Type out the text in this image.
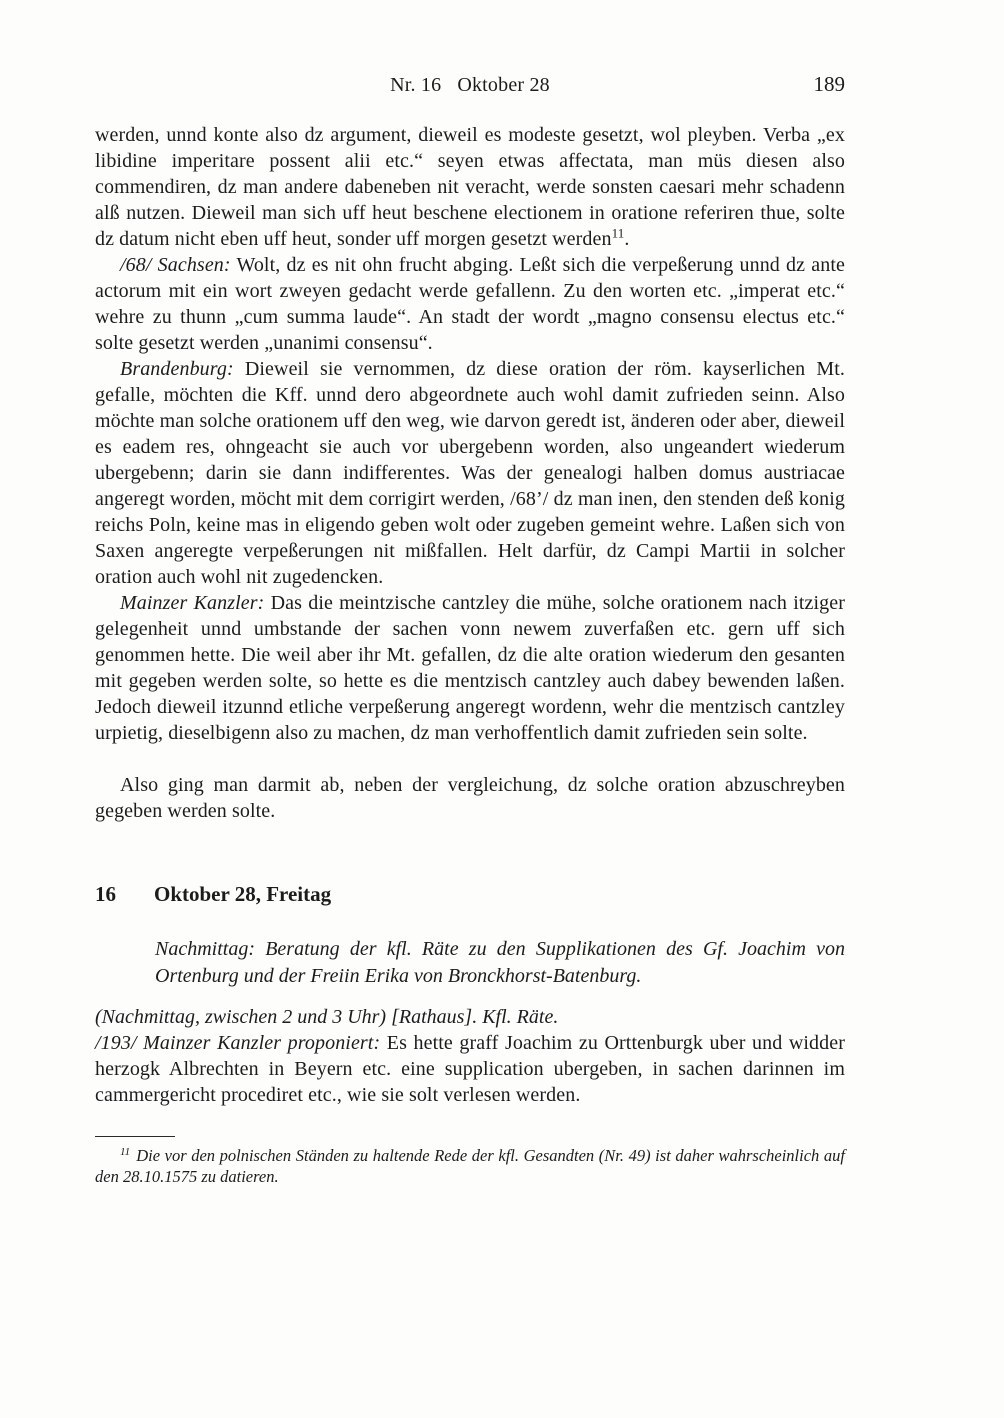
Nr. 16 Oktober 28	189

werden, unnd konte also dz argument, dieweil es modeste gesetzt, wol pleyben. Verba „ex libidine imperitare possent alii etc.“ seyen etwas affectata, man müs diesen also commendiren, dz man andere dabeneben nit veracht, werde sonsten caesari mehr schadenn alß nutzen. Dieweil man sich uff heut beschene electionem in oratione referiren thue, solte dz datum nicht eben uff heut, sonder uff morgen gesetzt werden$^{11}$.

/68/ Sachsen: Wolt, dz es nit ohn frucht abging. Leßt sich die verpeßerung unnd dz ante actorum mit ein wort zweyen gedacht werde gefallenn. Zu den worten etc. „imperat etc.“ wehre zu thunn „cum summa laude“. An stadt der wordt „magno consensu electus etc.“ solte gesetzt werden „unanimi consensu“.

Brandenburg: Dieweil sie vernommen, dz diese oration der röm. kayserlichen Mt. gefalle, möchten die Kff. unnd dero abgeordnete auch wohl damit zufrieden seinn. Also möchte man solche orationem uff den weg, wie darvon geredt ist, änderen oder aber, dieweil es eadem res, ohngeacht sie auch vor ubergebenn worden, also ungeandert wiederum ubergebenn; darin sie dann indifferentes. Was der genealogi halben domus austriacae angeregt worden, möcht mit dem corrigirt werden, /68’/ dz man inen, den stenden deß konig reichs Poln, keine mas in eligendo geben wolt oder zugeben gemeint wehre. Laßen sich von Saxen angeregte verpeßerungen nit mißfallen. Helt darfür, dz Campi Martii in solcher oration auch wohl nit zugedencken.

Mainzer Kanzler: Das die meintzische cantzley die mühe, solche orationem nach itziger gelegenheit unnd umbstande der sachen vonn newem zuverfaßen etc. gern uff sich genommen hette. Die weil aber ihr Mt. gefallen, dz die alte oration wiederum den gesanten mit gegeben werden solte, so hette es die mentzisch cantzley auch dabey bewenden laßen. Jedoch dieweil itzunnd etliche verpeßerung angeregt wordenn, wehr die mentzisch cantzley urpietig, dieselbigenn also zu machen, dz man verhoffentlich damit zufrieden sein solte.

Also ging man darmit ab, neben der vergleichung, dz solche oration abzuschreyben gegeben werden solte.

16 Oktober 28, Freitag

Nachmittag: Beratung der kfl. Räte zu den Supplikationen des Gf. Joachim von Ortenburg und der Freiin Erika von Bronckhorst-Batenburg.

(Nachmittag, zwischen 2 und 3 Uhr) [Rathaus]. Kfl. Räte.

/193/ Mainzer Kanzler proponiert: Es hette graff Joachim zu Orttenburgk uber und widder herzogk Albrechten in Beyern etc. eine supplication ubergeben, in sachen darinnen im cammergericht procediret etc., wie sie solt verlesen werden.

$^{11}$ Die vor den polnischen Ständen zu haltende Rede der kfl. Gesandten (Nr. 49) ist daher wahrscheinlich auf den 28.10.1575 zu datieren.
